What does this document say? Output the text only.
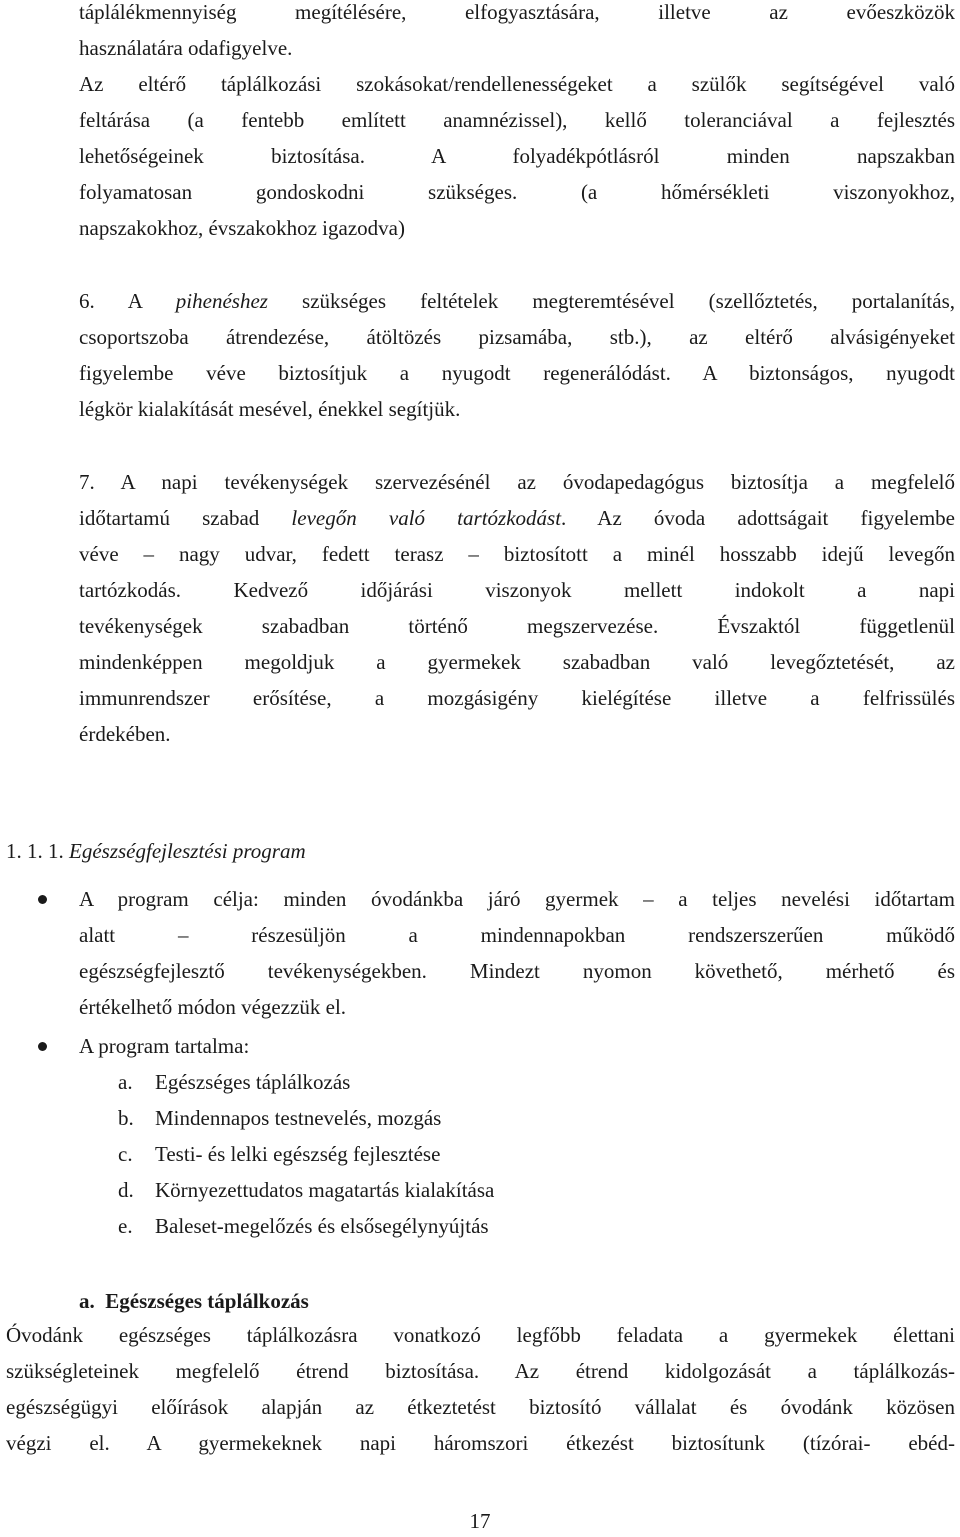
táplálékmennyiség megítélésére, elfogyasztására, illetve az evőeszközök
használatára odafigyelve.
Az eltérő táplálkozási szokásokat/rendellenességeket a szülők segítségével való
feltárása (a fentebb említett anamnézissel), kellő toleranciával a fejlesztés
lehetőségeinek biztosítása. A folyadékpótlásról minden napszakban
folyamatosan gondoskodni szükséges. (a hőmérsékleti viszonyokhoz,
napszakokhoz, évszakokhoz igazodva)
6. A pihenéshez szükséges feltételek megteremtésével (szellőztetés, portalanítás,
csoportszoba átrendezése, átöltözés pizsamába, stb.), az eltérő alvásigényeket
figyelembe véve biztosítjuk a nyugodt regenerálódást. A biztonságos, nyugodt
légkör kialakítását mesével, énekkel segítjük.
7. A napi tevékenységek szervezésénél az óvodapedagógus biztosítja a megfelelő
időtartamú szabad levegőn való tartózkodást. Az óvoda adottságait figyelembe
véve – nagy udvar, fedett terasz – biztosított a minél hosszabb idejű levegőn
tartózkodás. Kedvező időjárási viszonyok mellett indokolt a napi
tevékenységek szabadban történő megszervezése. Évszaktól függetlenül
mindenképpen megoldjuk a gyermekek szabadban való levegőztetését, az
immunrendszer erősítése, a mozgásigény kielégítése illetve a felfrissülés
érdekében.
1. 1. 1. Egészségfejlesztési program
A program célja: minden óvodánkba járó gyermek – a teljes nevelési időtartam
alatt – részesüljön a mindennapokban rendszerszerűen működő
egészségfejlesztő tevékenységekben. Mindezt nyomon követhető, mérhető és
értékelhető módon végezzük el.
A program tartalma:
a. Egészséges táplálkozás
b. Mindennapos testnevelés, mozgás
c. Testi- és lelki egészség fejlesztése
d. Környezettudatos magatartás kialakítása
e. Baleset-megelőzés és elsősegélynyújtás
a.  Egészséges táplálkozás
Óvodánk egészséges táplálkozásra vonatkozó legfőbb feladata a gyermekek élettani
szükségleteinek megfelelő étrend biztosítása. Az étrend kidolgozását a táplálkozás-
egészségügyi előírások alapján az étkeztetést biztosító vállalat és óvodánk közösen
végzi el. A gyermekeknek napi háromszori étkezést biztosítunk (tízórai- ebéd-
17
